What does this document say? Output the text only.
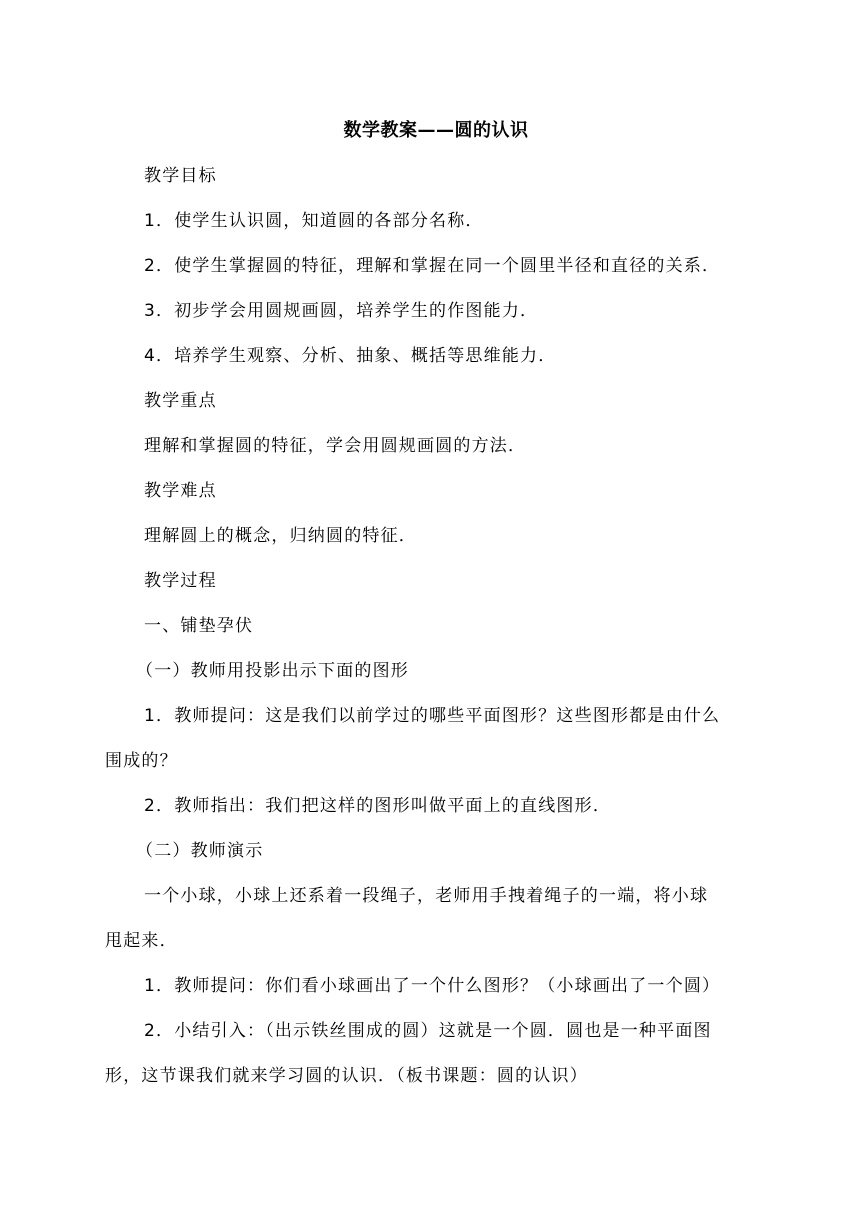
数学教案——圆的认识
教学目标
1．使学生认识圆，知道圆的各部分名称．
2．使学生掌握圆的特征，理解和掌握在同一个圆里半径和直径的关系．
3．初步学会用圆规画圆，培养学生的作图能力．
4．培养学生观察、分析、抽象、概括等思维能力．
教学重点
理解和掌握圆的特征，学会用圆规画圆的方法．
教学难点
理解圆上的概念，归纳圆的特征．
教学过程
一、铺垫孕伏
（一）教师用投影出示下面的图形
1．教师提问：这是我们以前学过的哪些平面图形？这些图形都是由什么
围成的？
2．教师指出：我们把这样的图形叫做平面上的直线图形．
（二）教师演示
一个小球，小球上还系着一段绳子，老师用手拽着绳子的一端，将小球
甩起来．
1．教师提问：你们看小球画出了一个什么图形？（小球画出了一个圆）
2．小结引入：（出示铁丝围成的圆）这就是一个圆．圆也是一种平面图
形，这节课我们就来学习圆的认识．（板书课题：圆的认识）
